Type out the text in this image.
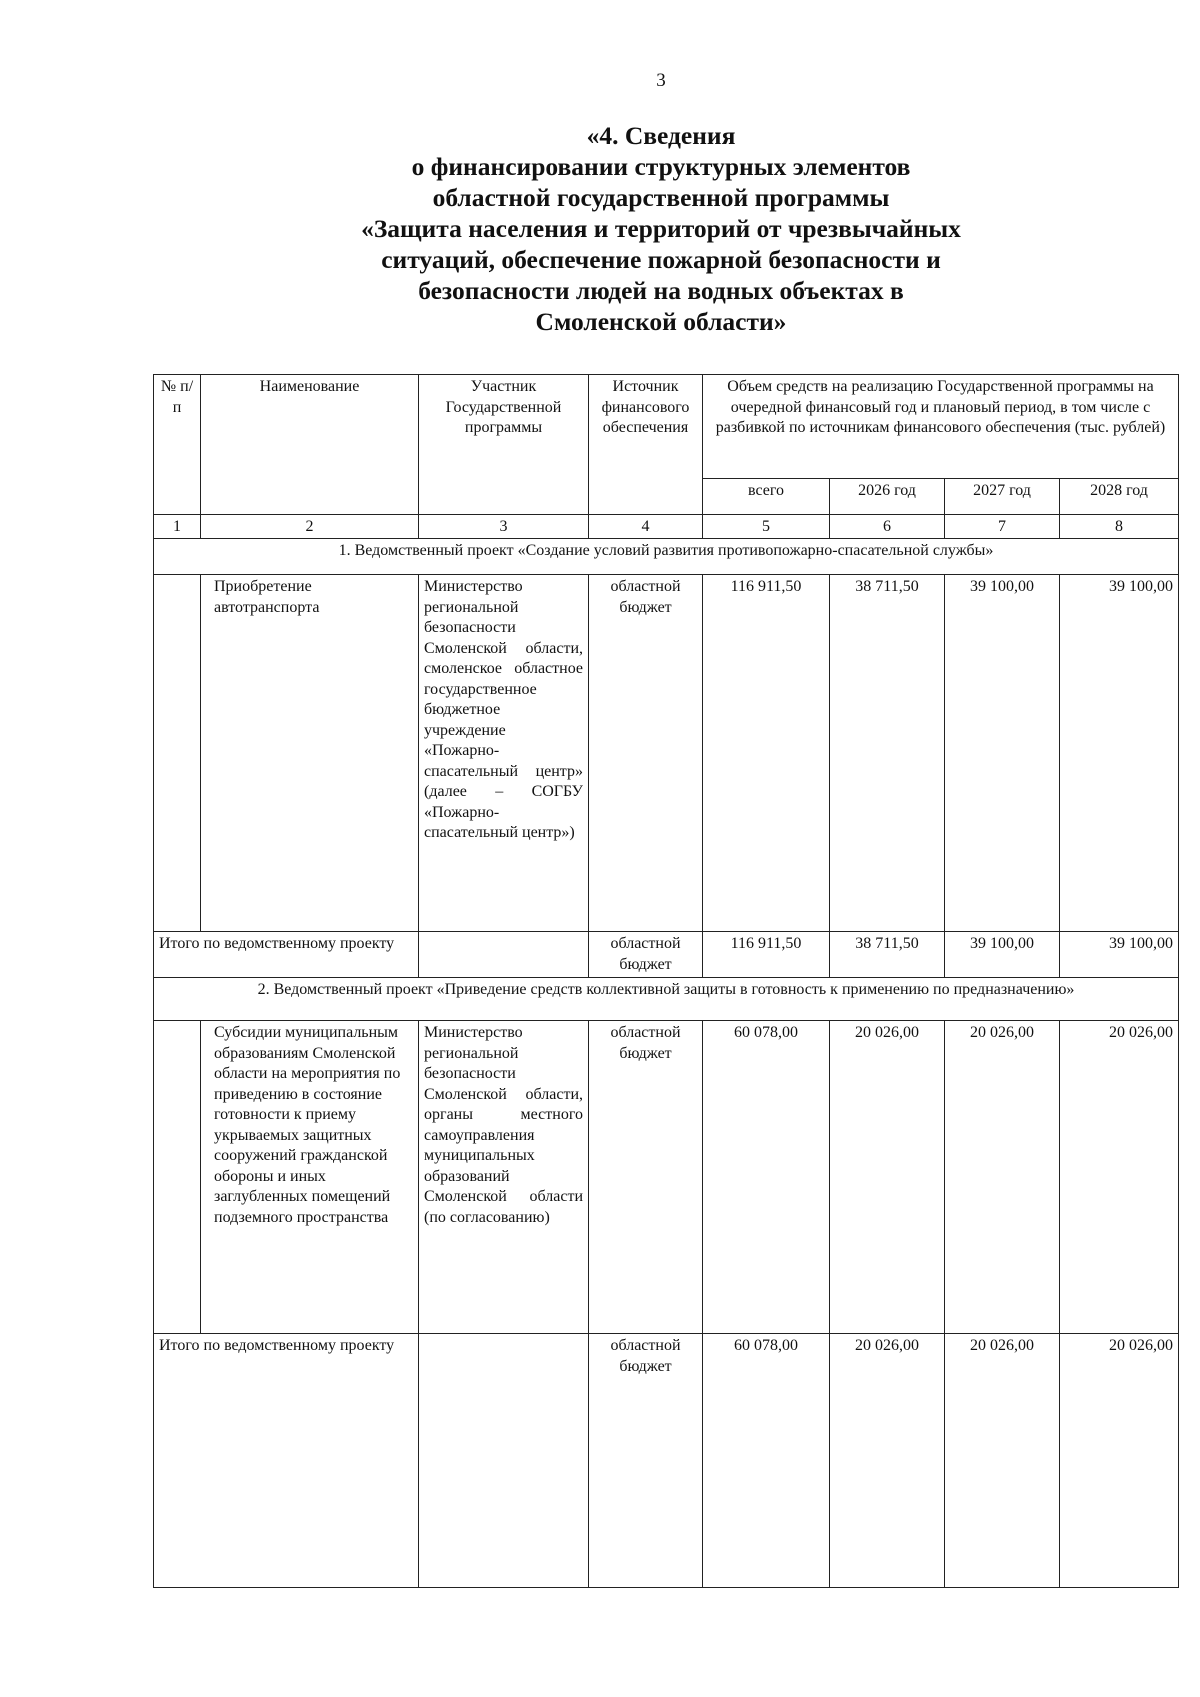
3
«4. Сведения
о финансировании структурных элементов
областной государственной программы
«Защита населения и территорий от чрезвычайных
ситуаций, обеспечение пожарной безопасности и
безопасности людей на водных объектах в
Смоленской области»
№ п/п	Наименование	Участник Государственной программы	Источник финансового обеспечения	Объем средств на реализацию Государственной программы на очередной финансовый год и плановый период, в том числе с разбивкой по источникам финансового обеспечения (тыс. рублей)			
				всего	2026 год	2027 год	2028 год
1	2	3	4	5	6	7	8
1. Ведомственный проект «Создание условий развития противопожарно-спасательной службы»							
	Приобретение автотранспорта	Министерство региональной безопасности Смоленской области, смоленское областное государственное бюджетное учреждение «Пожарно-спасательный центр» (далее – СОГБУ «Пожарно-спасательный центр»)	областной бюджет	116 911,50	38 711,50	39 100,00	39 100,00
Итого по ведомственному проекту			областной бюджет	116 911,50	38 711,50	39 100,00	39 100,00
2. Ведомственный проект «Приведение средств коллективной защиты в готовность к применению по предназначению»							
	Субсидии муниципальным образованиям Смоленской области на мероприятия по приведению в состояние готовности к приему укрываемых защитных сооружений гражданской обороны и иных заглубленных помещений подземного пространства	Министерство региональной безопасности Смоленской области, органы местного самоуправления муниципальных образований Смоленской области (по согласованию)	областной бюджет	60 078,00	20 026,00	20 026,00	20 026,00
Итого по ведомственному проекту			областной бюджет	60 078,00	20 026,00	20 026,00	20 026,00
